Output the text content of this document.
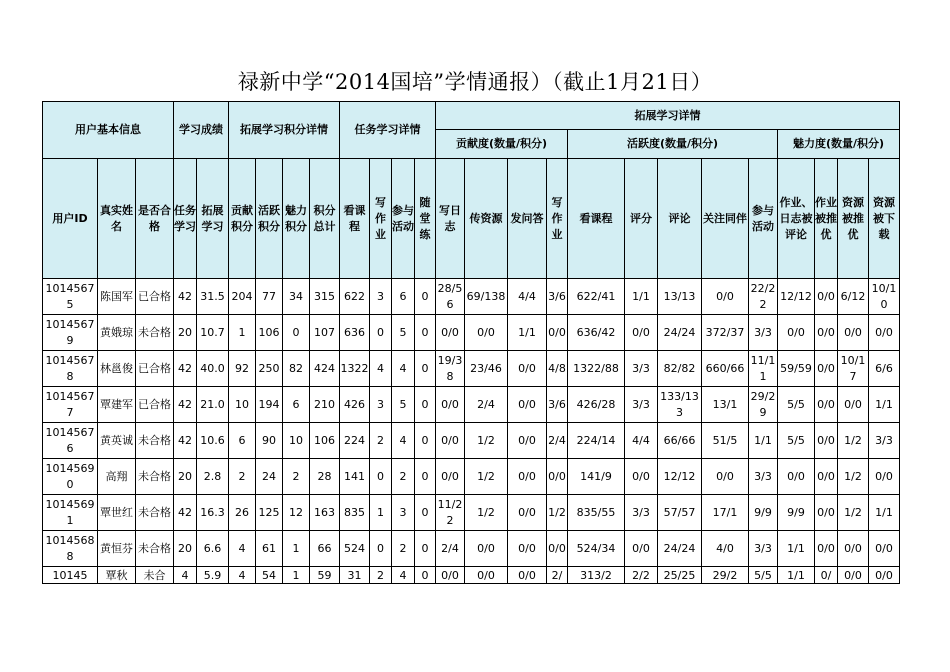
禄新中学“2014国培”学情通报）（截止1月21日）
用户基本信息			学习成绩		拓展学习积分详情				任务学习详情				拓展学习详情												
													贡献度(数量/积分)				活跃度(数量/积分)					魅力度(数量/积分)			
用户ID	真实姓名	是否合格	任务学习	拓展学习	贡献积分	活跃积分	魅力积分	积分总计	看课程	写作业	参与活动	随堂练	写日志	传资源	发问答	写作业	看课程	评分	评论	关注同伴	参与活动	作业、日志被评论	作业被推优	资源被推优	资源被下载
10145675	陈国军	已合格	42	31.5	204	77	34	315	622	3	6	0	28/56	69/138	4/4	3/6	622/41	1/1	13/13	0/0	22/22	12/12	0/0	6/12	10/10
10145679	黄娥琼	未合格	20	10.7	1	106	0	107	636	0	5	0	0/0	0/0	1/1	0/0	636/42	0/0	24/24	372/37	3/3	0/0	0/0	0/0	0/0
10145678	林邕俊	已合格	42	40.0	92	250	82	424	1322	4	4	0	19/38	23/46	0/0	4/8	1322/88	3/3	82/82	660/66	11/11	59/59	0/0	10/17	6/6
10145677	覃建军	已合格	42	21.0	10	194	6	210	426	3	5	0	0/0	2/4	0/0	3/6	426/28	3/3	133/133	13/1	29/29	5/5	0/0	0/0	1/1
10145676	黄英诚	未合格	42	10.6	6	90	10	106	224	2	4	0	0/0	1/2	0/0	2/4	224/14	4/4	66/66	51/5	1/1	5/5	0/0	1/2	3/3
10145690	高翔	未合格	20	2.8	2	24	2	28	141	0	2	0	0/0	1/2	0/0	0/0	141/9	0/0	12/12	0/0	3/3	0/0	0/0	1/2	0/0
10145691	覃世红	未合格	42	16.3	26	125	12	163	835	1	3	0	11/22	1/2	0/0	1/2	835/55	3/3	57/57	17/1	9/9	9/9	0/0	1/2	1/1
10145688	黄恒芬	未合格	20	6.6	4	61	1	66	524	0	2	0	2/4	0/0	0/0	0/0	524/34	0/0	24/24	4/0	3/3	1/1	0/0	0/0	0/0
10145	覃秋	未合	4	5.9	4	54	1	59	31	2	4	0	0/0	0/0	0/0	2/	313/2	2/2	25/25	29/2	5/5	1/1	0/	0/0	0/0
